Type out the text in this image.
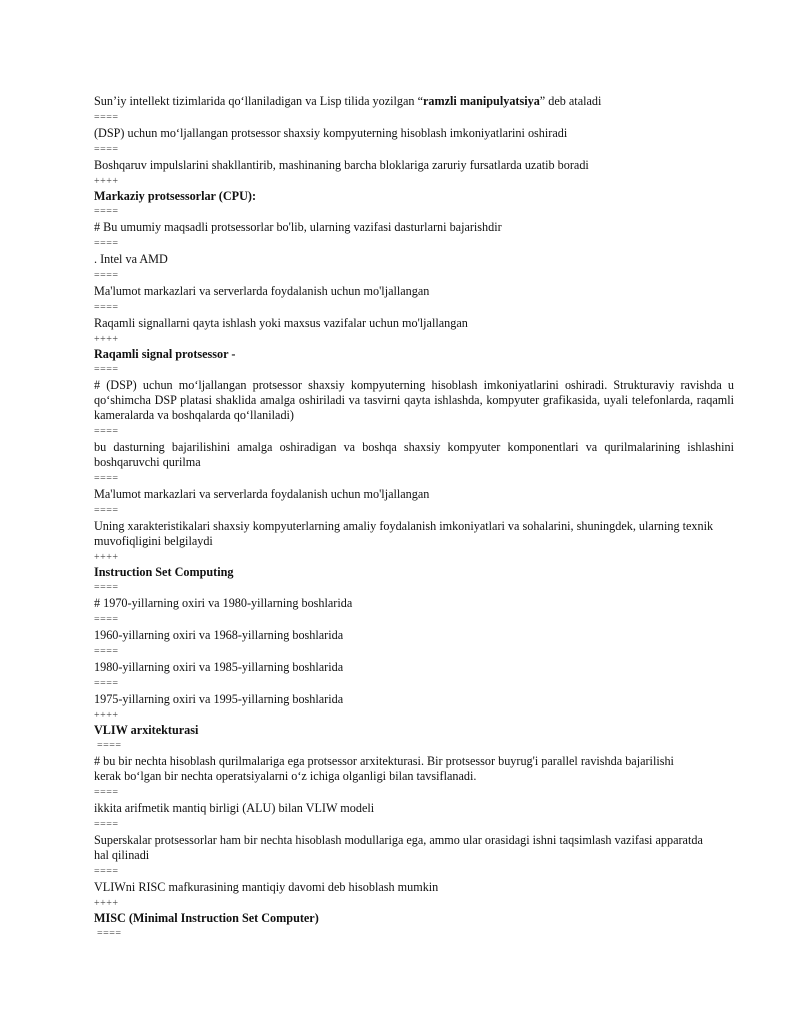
Sun’iy intellekt tizimlarida qo‘llaniladigan va Lisp tilida yozilgan “ramzli manipulyatsiya” deb ataladi
====
(DSP) uchun mo‘ljallangan protsessor shaxsiy kompyuterning hisoblash imkoniyatlarini oshiradi
====
Boshqaruv impulslarini shakllantirib, mashinaning barcha bloklariga zaruriy fursatlarda uzatib boradi
++++
Markaziy protsessorlar (CPU):
====
# Bu umumiy maqsadli protsessorlar bo'lib, ularning vazifasi dasturlarni bajarishdir
====
. Intel va AMD
====
Ma'lumot markazlari va serverlarda foydalanish uchun mo'ljallangan
====
Raqamli signallarni qayta ishlash yoki maxsus vazifalar uchun mo'ljallangan
++++
Raqamli signal protsessor -
====
# (DSP) uchun mo‘ljallangan protsessor shaxsiy kompyuterning hisoblash imkoniyatlarini oshiradi. Strukturaviy ravishda u qo‘shimcha DSP platasi shaklida amalga oshiriladi va tasvirni qayta ishlashda, kompyuter grafikasida, uyali telefonlarda, raqamli kameralarda va boshqalarda qo‘llaniladi)
====
bu dasturning bajarilishini amalga oshiradigan va boshqa shaxsiy kompyuter komponentlari va qurilmalarining ishlashini boshqaruvchi qurilma
====
Ma'lumot markazlari va serverlarda foydalanish uchun mo'ljallangan
====
Uning xarakteristikalari shaxsiy kompyuterlarning amaliy foydalanish imkoniyatlari va sohalarini, shuningdek, ularning texnik muvofiqligini belgilaydi
++++
Instruction Set Computing
====
# 1970-yillarning oxiri va 1980-yillarning boshlarida
====
1960-yillarning oxiri va 1968-yillarning boshlarida
====
1980-yillarning oxiri va 1985-yillarning boshlarida
====
1975-yillarning oxiri va 1995-yillarning boshlarida
++++
VLIW arxitekturasi
====
# bu bir nechta hisoblash qurilmalariga ega protsessor arxitekturasi. Bir protsessor buyrug'i parallel ravishda bajarilishi kerak bo‘lgan bir nechta operatsiyalarni o‘z ichiga olganligi bilan tavsiflanadi.
====
ikkita arifmetik mantiq birligi (ALU) bilan VLIW modeli
====
Superskalar protsessorlar ham bir nechta hisoblash modullariga ega, ammo ular orasidagi ishni taqsimlash vazifasi apparatda hal qilinadi
====
VLIWni RISC mafkurasining mantiqiy davomi deb hisoblash mumkin
++++
MISC (Minimal Instruction Set Computer)
====
